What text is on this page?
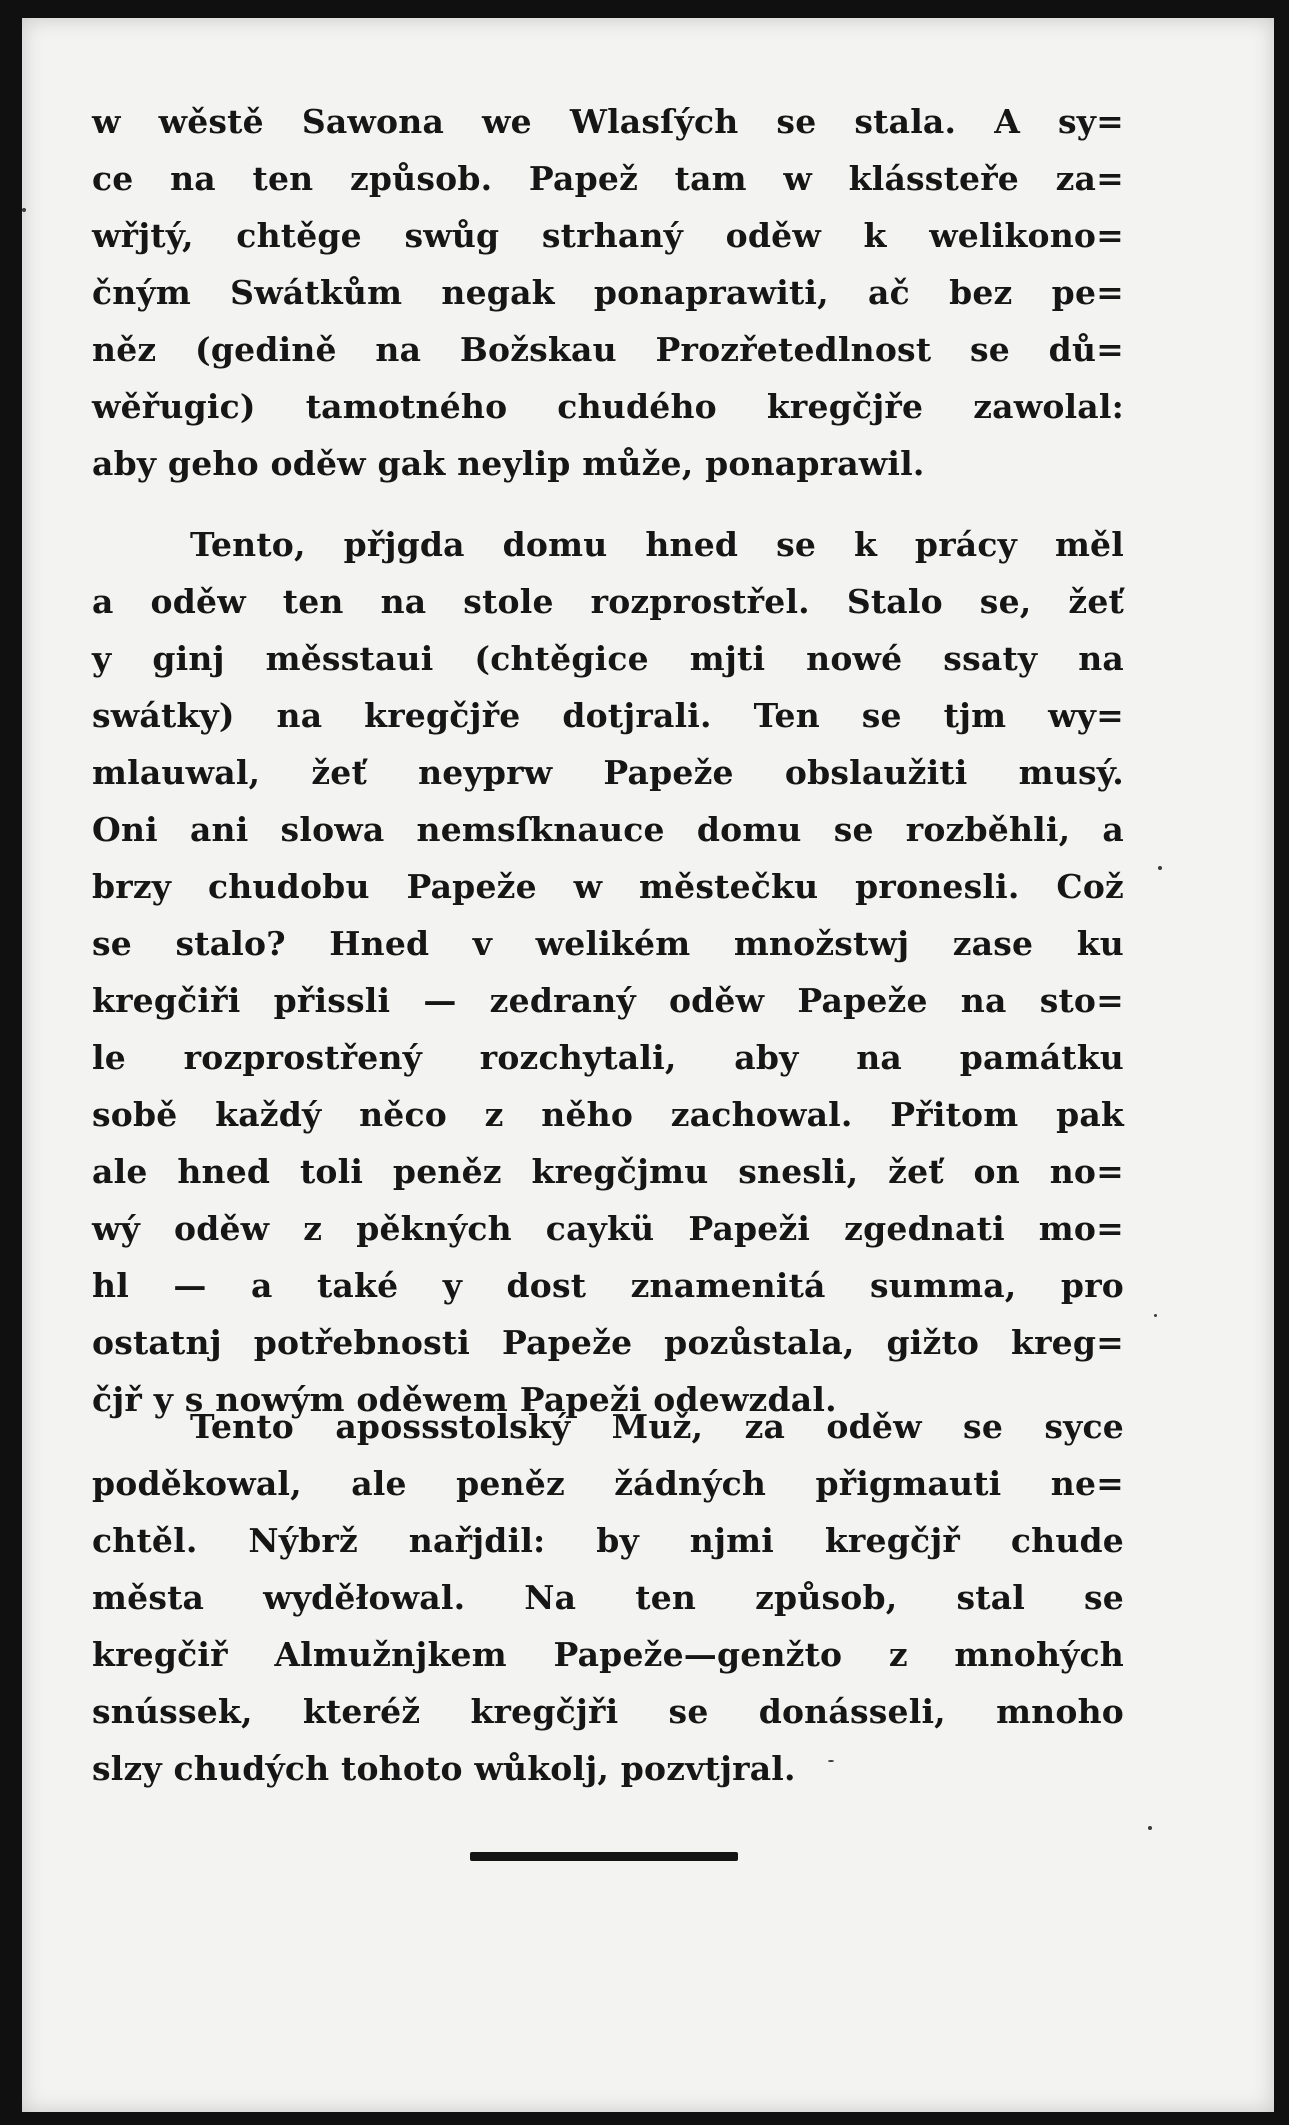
w wěstě Sawona we Wlasſých se stala. A sy=
ce na ten způsob. Papež tam w klássteře za=
wřjtý, chtěge swůg strhaný oděw k welikono=
čným Swátkům negak ponaprawiti, ač bez pe=
něz (gedině na Božskau Prozřetedlnost se dů=
wěřugic) tamotného chudého kregčjře zawolal:
aby geho oděw gak neylip může, ponaprawil.
Tento, přjgda domu hned se k prácy měl
a oděw ten na stole rozprostřel. Stalo se, žeť
y ginj měsstaui (chtěgice mjti nowé ssaty na
swátky) na kregčjře dotjrali. Ten se tjm wy=
mlauwal, žeť neyprw Papeže obslaužiti musý.
Oni ani slowa nemsſknauce domu se rozběhli, a
brzy chudobu Papeže w městečku pronesli. Což
se stalo? Hned v welikém množstwj zase ku
kregčiři přissli — zedraný oděw Papeže na sto=
le rozprostřený rozchytali, aby na památku
sobě každý něco z něho zachowal. Přitom pak
ale hned toli peněz kregčjmu snesli, žeť on no=
wý oděw z pěkných caykü Papeži zgednati mo=
hl — a také y dost znamenitá summa, pro
ostatnj potřebnosti Papeže pozůstala, gižto kreg=
čjř y s nowým oděwem Papeži odewzdal.
Tento apossstolský Muž, za oděw se syce
poděkowal, ale peněz žádných přigmauti ne=
chtěl. Nýbrž nařjdil: by njmi kregčjř chude
města wyděłowal. Na ten způsob, stal se
kregčiř Almužnjkem Papeže—genžto z mnohých
snússek, kteréž kregčjři se donásseli, mnoho
slzy chudých tohoto wůkolj, pozvtjral.
